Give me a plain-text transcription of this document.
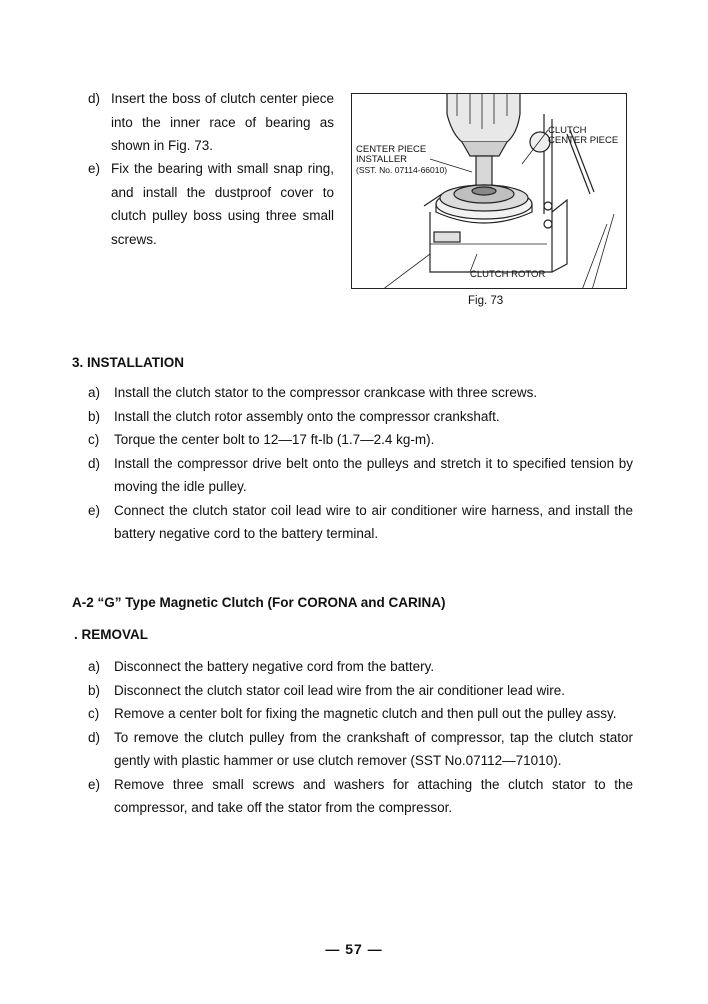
d) Insert the boss of clutch center piece into the inner race of bearing as shown in Fig. 73.
e) Fix the bearing with small snap ring, and install the dustproof cover to clutch pulley boss using three small screws.
CENTER PIECE
INSTALLER
(SST. No. 07114-66010)
CLUTCH
CENTER PIECE
CLUTCH ROTOR
Fig. 73
3. INSTALLATION
a) Install the clutch stator to the compressor crankcase with three screws.
b) Install the clutch rotor assembly onto the compressor crankshaft.
c) Torque the center bolt to 12—17 ft-lb (1.7—2.4 kg-m).
d) Install the compressor drive belt onto the pulleys and stretch it to specified tension by moving the idle pulley.
e) Connect the clutch stator coil lead wire to air conditioner wire harness, and install the battery negative cord to the battery terminal.
A-2 “G” Type Magnetic Clutch (For CORONA and CARINA)
. REMOVAL
a) Disconnect the battery negative cord from the battery.
b) Disconnect the clutch stator coil lead wire from the air conditioner lead wire.
c) Remove a center bolt for fixing the magnetic clutch and then pull out the pulley assy.
d) To remove the clutch pulley from the crankshaft of compressor, tap the clutch stator gently with plastic hammer or use clutch remover (SST No.07112—71010).
e) Remove three small screws and washers for attaching the clutch stator to the compressor, and take off the stator from the compressor.
— 57 —
